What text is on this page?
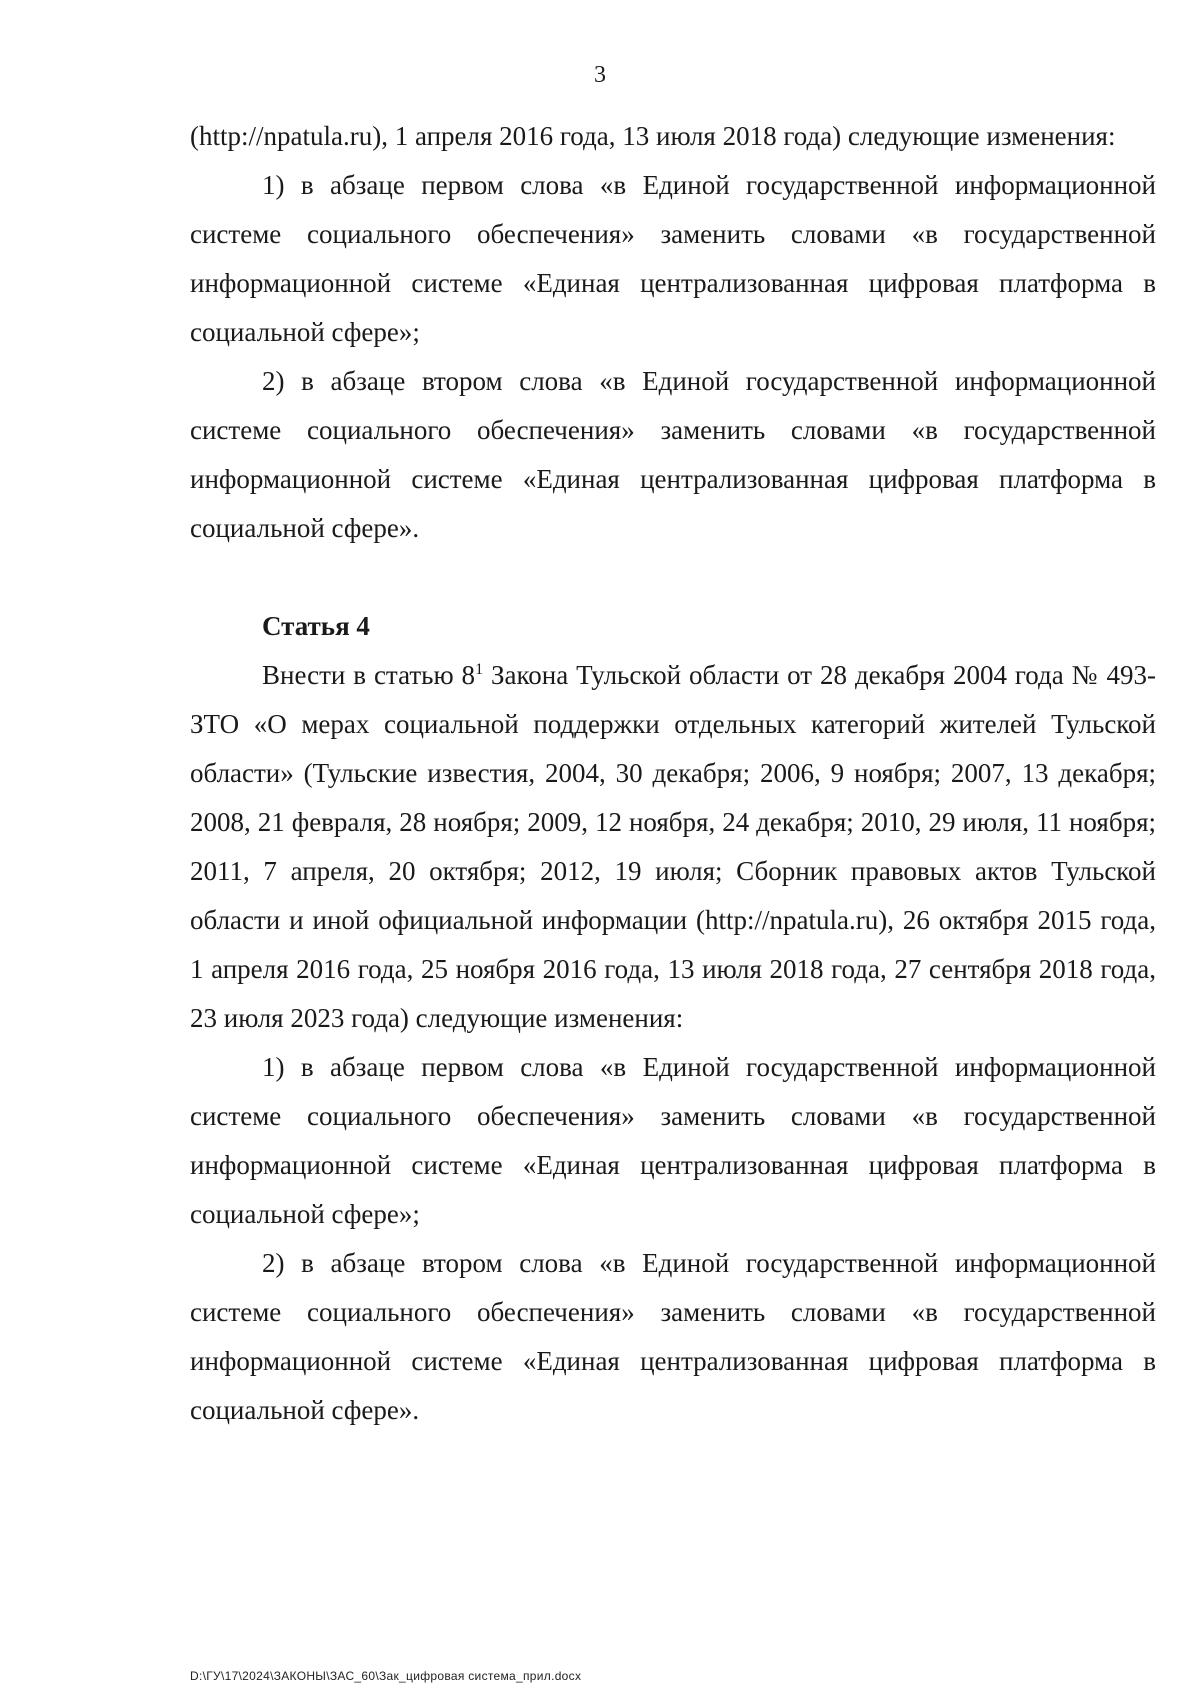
3

(http://npatula.ru), 1 апреля 2016 года, 13 июля 2018 года) следующие изменения:

1) в абзаце первом слова «в Единой государственной информационной системе социального обеспечения» заменить словами «в государственной информационной системе «Единая централизованная цифровая платформа в социальной сфере»;

2) в абзаце втором слова «в Единой государственной информационной системе социального обеспечения» заменить словами «в государственной информационной системе «Единая централизованная цифровая платформа в социальной сфере».

Статья 4

Внести в статью $8^1$ Закона Тульской области от 28 декабря 2004 года № 493-ЗТО «О мерах социальной поддержки отдельных категорий жителей Тульской области» (Тульские известия, 2004, 30 декабря; 2006, 9 ноября; 2007, 13 декабря; 2008, 21 февраля, 28 ноября; 2009, 12 ноября, 24 декабря; 2010, 29 июля, 11 ноября; 2011, 7 апреля, 20 октября; 2012, 19 июля; Сборник правовых актов Тульской области и иной официальной информации (http://npatula.ru), 26 октября 2015 года, 1 апреля 2016 года, 25 ноября 2016 года, 13 июля 2018 года, 27 сентября 2018 года, 23 июля 2023 года) следующие изменения:

1) в абзаце первом слова «в Единой государственной информационной системе социального обеспечения» заменить словами «в государственной информационной системе «Единая централизованная цифровая платформа в социальной сфере»;

2) в абзаце втором слова «в Единой государственной информационной системе социального обеспечения» заменить словами «в государственной информационной системе «Единая централизованная цифровая платформа в социальной сфере».

D:\ГУ\17\2024\ЗАКОНЫ\ЗАС_60\Зак_цифровая система_прил.docx
